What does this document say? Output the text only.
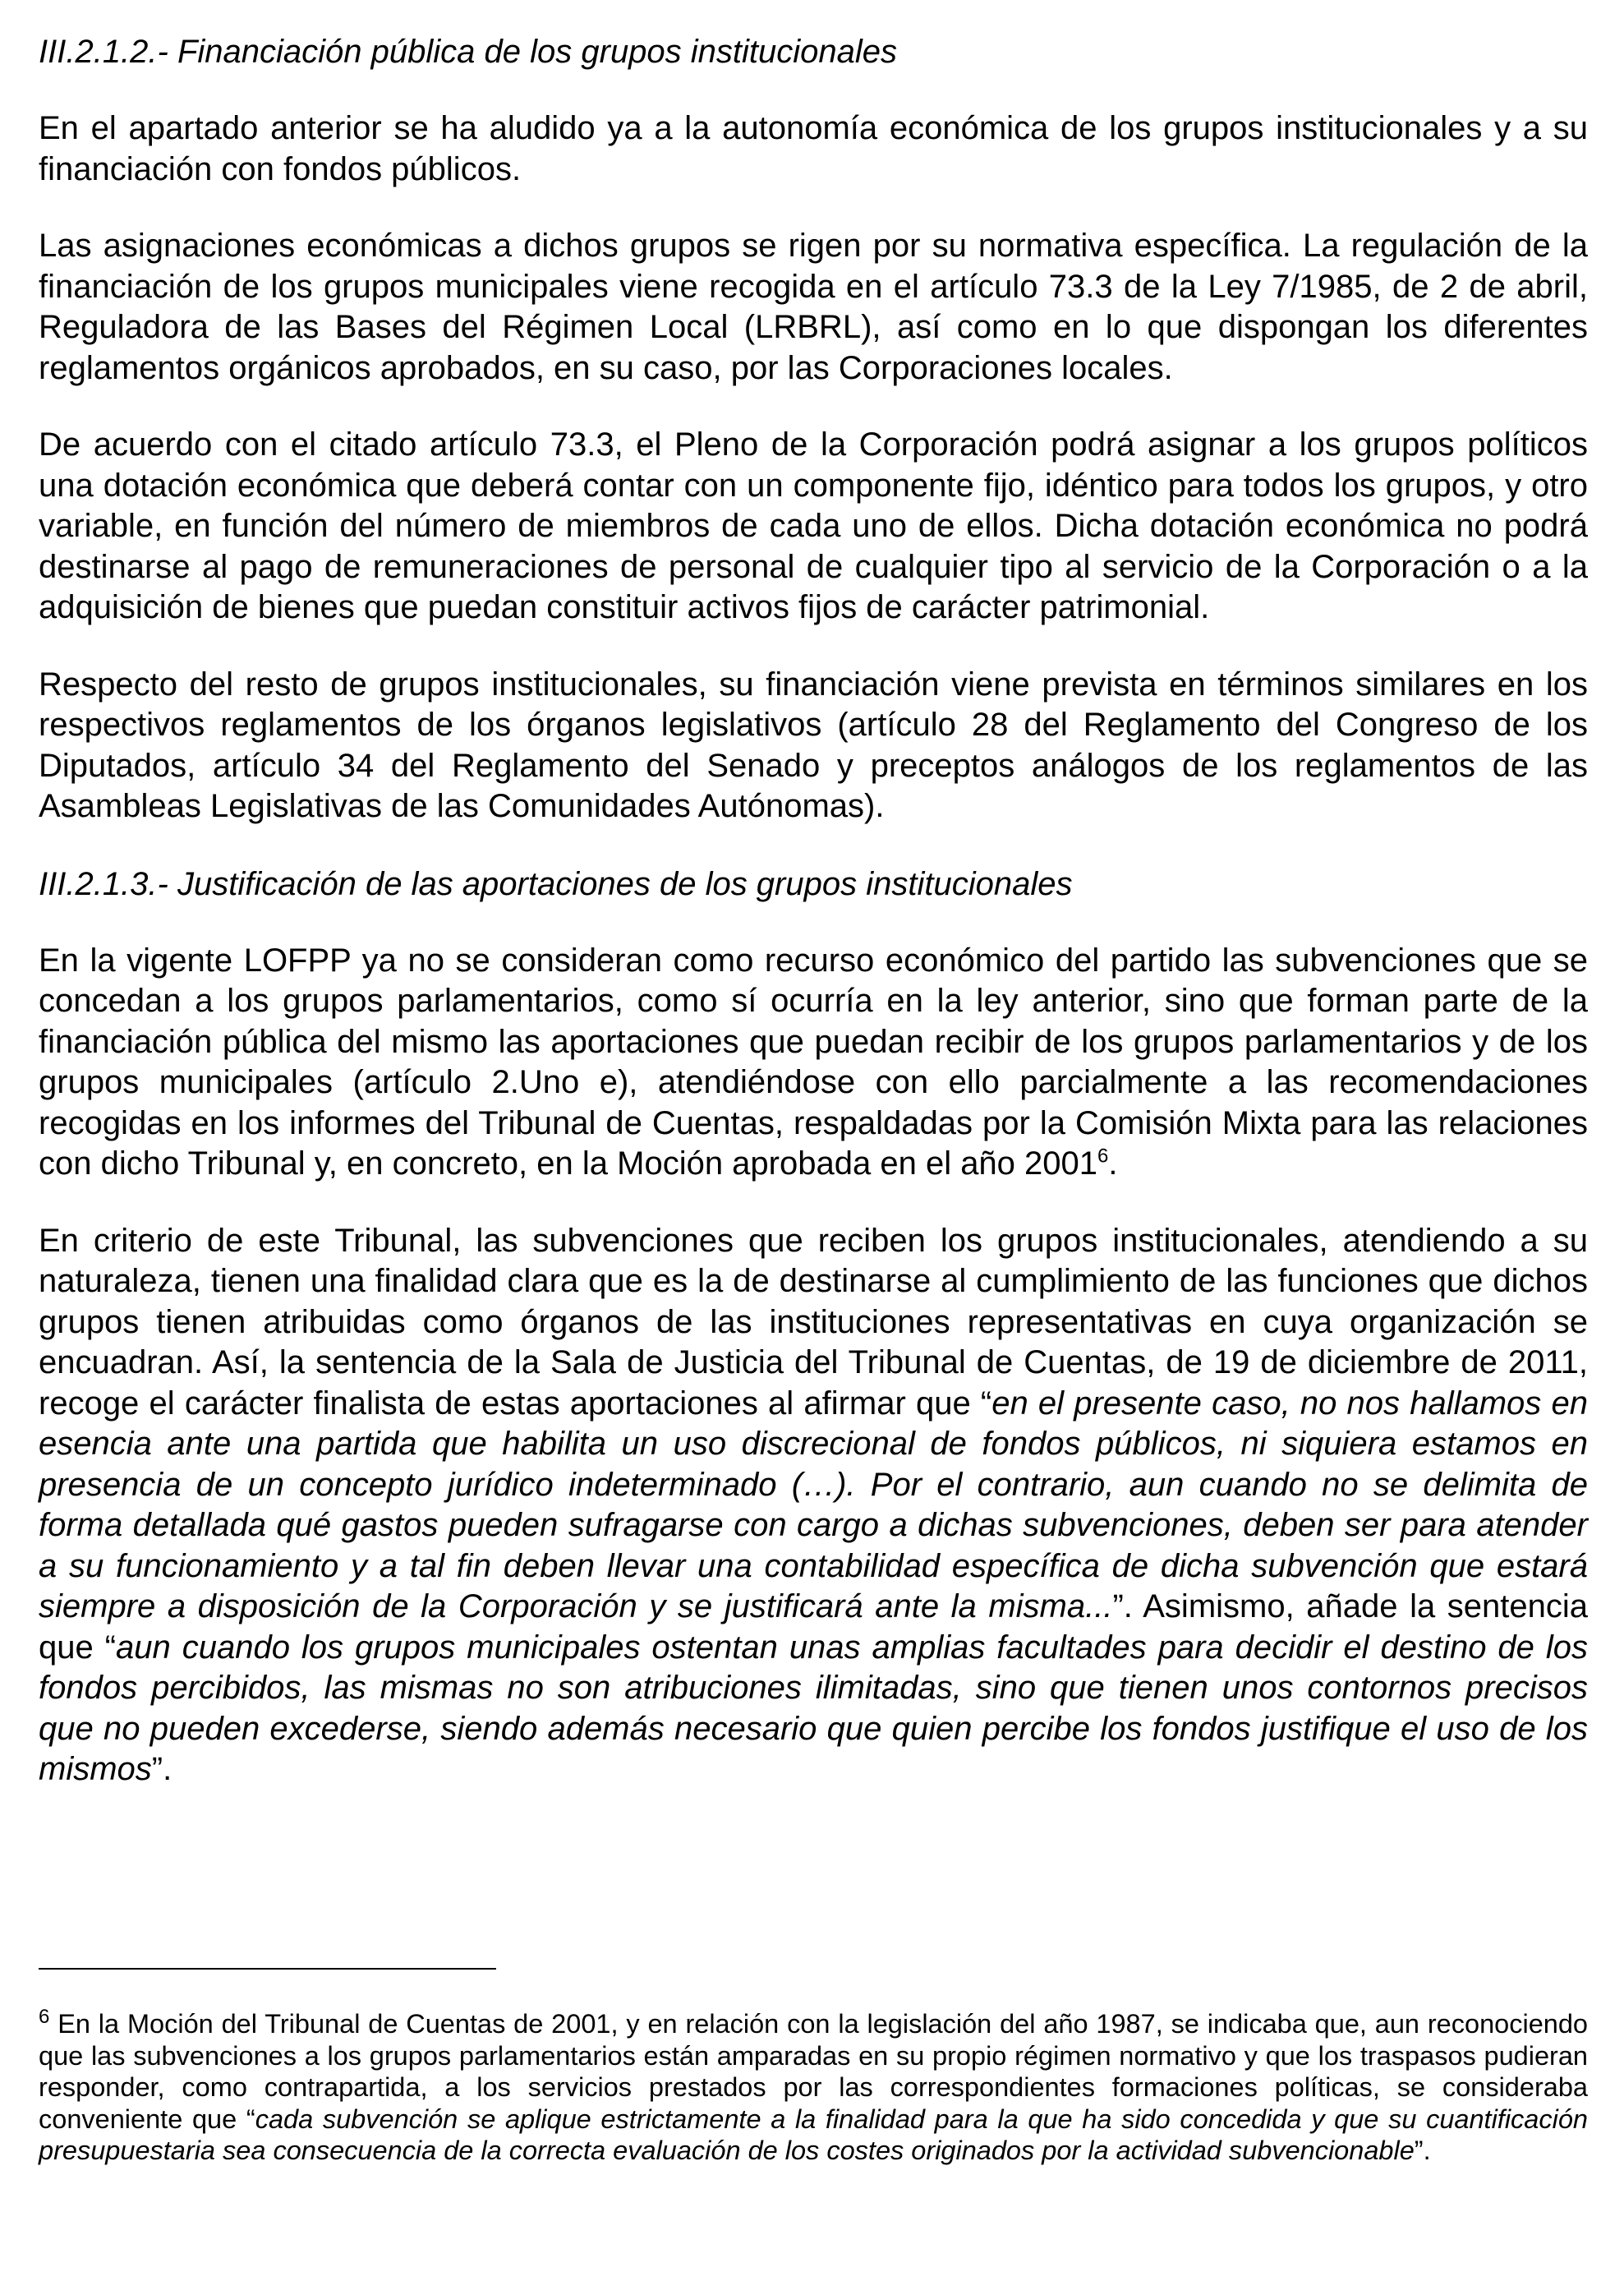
III.2.1.2.- Financiación pública de los grupos institucionales

En el apartado anterior se ha aludido ya a la autonomía económica de los grupos institucionales y a su financiación con fondos públicos.

Las asignaciones económicas a dichos grupos se rigen por su normativa específica. La regulación de la financiación de los grupos municipales viene recogida en el artículo 73.3 de la Ley 7/1985, de 2 de abril, Reguladora de las Bases del Régimen Local (LRBRL), así como en lo que dispongan los diferentes reglamentos orgánicos aprobados, en su caso, por las Corporaciones locales.

De acuerdo con el citado artículo 73.3, el Pleno de la Corporación podrá asignar a los grupos políticos una dotación económica que deberá contar con un componente fijo, idéntico para todos los grupos, y otro variable, en función del número de miembros de cada uno de ellos. Dicha dotación económica no podrá destinarse al pago de remuneraciones de personal de cualquier tipo al servicio de la Corporación o a la adquisición de bienes que puedan constituir activos fijos de carácter patrimonial.

Respecto del resto de grupos institucionales, su financiación viene prevista en términos similares en los respectivos reglamentos de los órganos legislativos (artículo 28 del Reglamento del Congreso de los Diputados, artículo 34 del Reglamento del Senado y preceptos análogos de los reglamentos de las Asambleas Legislativas de las Comunidades Autónomas).

III.2.1.3.- Justificación de las aportaciones de los grupos institucionales

En la vigente LOFPP ya no se consideran como recurso económico del partido las subvenciones que se concedan a los grupos parlamentarios, como sí ocurría en la ley anterior, sino que forman parte de la financiación pública del mismo las aportaciones que puedan recibir de los grupos parlamentarios y de los grupos municipales (artículo 2.Uno e), atendiéndose con ello parcialmente a las recomendaciones recogidas en los informes del Tribunal de Cuentas, respaldadas por la Comisión Mixta para las relaciones con dicho Tribunal y, en concreto, en la Moción aprobada en el año 2001$^6$.

En criterio de este Tribunal, las subvenciones que reciben los grupos institucionales, atendiendo a su naturaleza, tienen una finalidad clara que es la de destinarse al cumplimiento de las funciones que dichos grupos tienen atribuidas como órganos de las instituciones representativas en cuya organización se encuadran. Así, la sentencia de la Sala de Justicia del Tribunal de Cuentas, de 19 de diciembre de 2011, recoge el carácter finalista de estas aportaciones al afirmar que “en el presente caso, no nos hallamos en esencia ante una partida que habilita un uso discrecional de fondos públicos, ni siquiera estamos en presencia de un concepto jurídico indeterminado (…). Por el contrario, aun cuando no se delimita de forma detallada qué gastos pueden sufragarse con cargo a dichas subvenciones, deben ser para atender a su funcionamiento y a tal fin deben llevar una contabilidad específica de dicha subvención que estará siempre a disposición de la Corporación y se justificará ante la misma...”. Asimismo, añade la sentencia que “aun cuando los grupos municipales ostentan unas amplias facultades para decidir el destino de los fondos percibidos, las mismas no son atribuciones ilimitadas, sino que tienen unos contornos precisos que no pueden excederse, siendo además necesario que quien percibe los fondos justifique el uso de los mismos”.

$^6$ En la Moción del Tribunal de Cuentas de 2001, y en relación con la legislación del año 1987, se indicaba que, aun reconociendo que las subvenciones a los grupos parlamentarios están amparadas en su propio régimen normativo y que los traspasos pudieran responder, como contrapartida, a los servicios prestados por las correspondientes formaciones políticas, se consideraba conveniente que “cada subvención se aplique estrictamente a la finalidad para la que ha sido concedida y que su cuantificación presupuestaria sea consecuencia de la correcta evaluación de los costes originados por la actividad subvencionable”.
